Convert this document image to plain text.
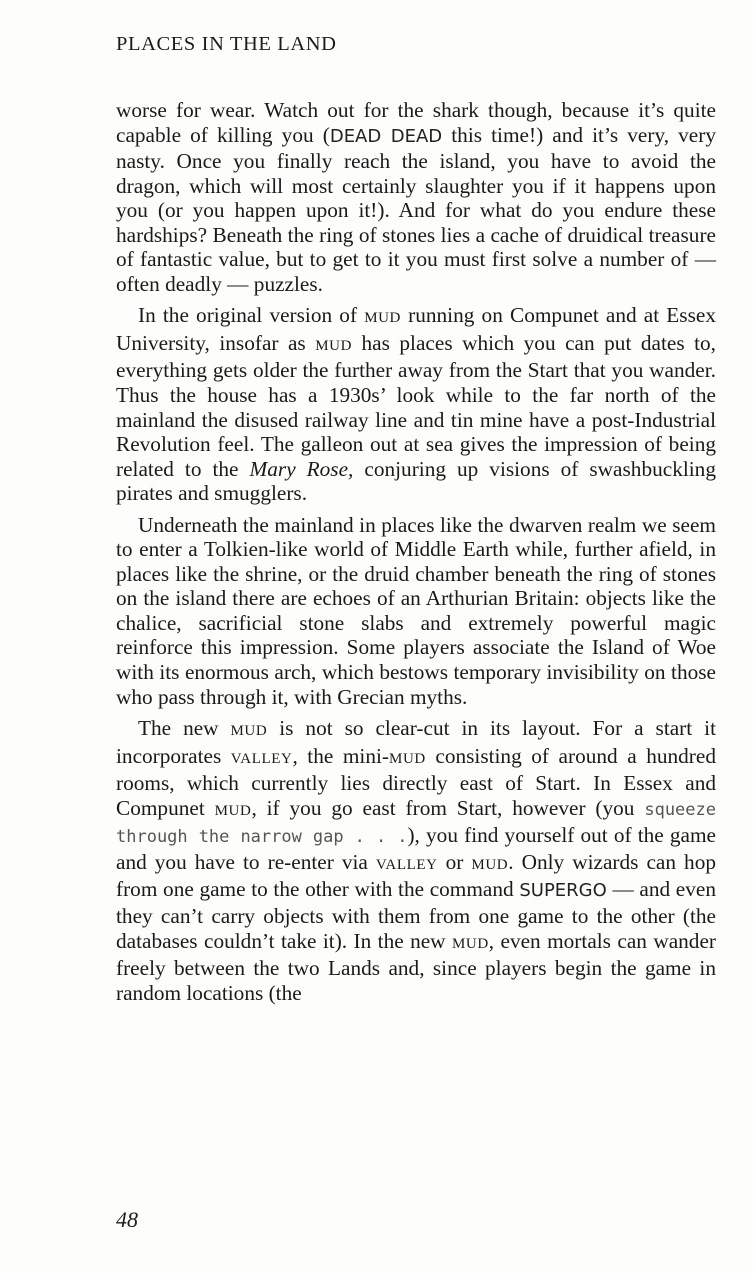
PLACES IN THE LAND

worse for wear. Watch out for the shark though, because it’s quite capable of killing you (DEAD DEAD this time!) and it’s very, very nasty. Once you finally reach the island, you have to avoid the dragon, which will most certainly slaughter you if it happens upon you (or you happen upon it!). And for what do you endure these hardships? Beneath the ring of stones lies a cache of druidical treasure of fantastic value, but to get to it you must first solve a number of — often deadly — puzzles.

In the original version of MUD running on Compunet and at Essex University, insofar as MUD has places which you can put dates to, everything gets older the further away from the Start that you wander. Thus the house has a 1930s’ look while to the far north of the mainland the disused railway line and tin mine have a post-Industrial Revolution feel. The galleon out at sea gives the impression of being related to the Mary Rose, conjuring up visions of swashbuckling pirates and smugglers.

Underneath the mainland in places like the dwarven realm we seem to enter a Tolkien-like world of Middle Earth while, further afield, in places like the shrine, or the druid chamber beneath the ring of stones on the island there are echoes of an Arthurian Britain: objects like the chalice, sacrificial stone slabs and extremely powerful magic reinforce this impression. Some players associate the Island of Woe with its enormous arch, which bestows temporary invisibility on those who pass through it, with Grecian myths.

The new MUD is not so clear-cut in its layout. For a start it incorporates VALLEY, the mini-MUD consisting of around a hundred rooms, which currently lies directly east of Start. In Essex and Compunet MUD, if you go east from Start, however (you squeeze through the narrow gap . . .), you find yourself out of the game and you have to re-enter via VALLEY or MUD. Only wizards can hop from one game to the other with the command SUPERGO — and even they can’t carry objects with them from one game to the other (the databases couldn’t take it). In the new MUD, even mortals can wander freely between the two Lands and, since players begin the game in random locations (the

48
